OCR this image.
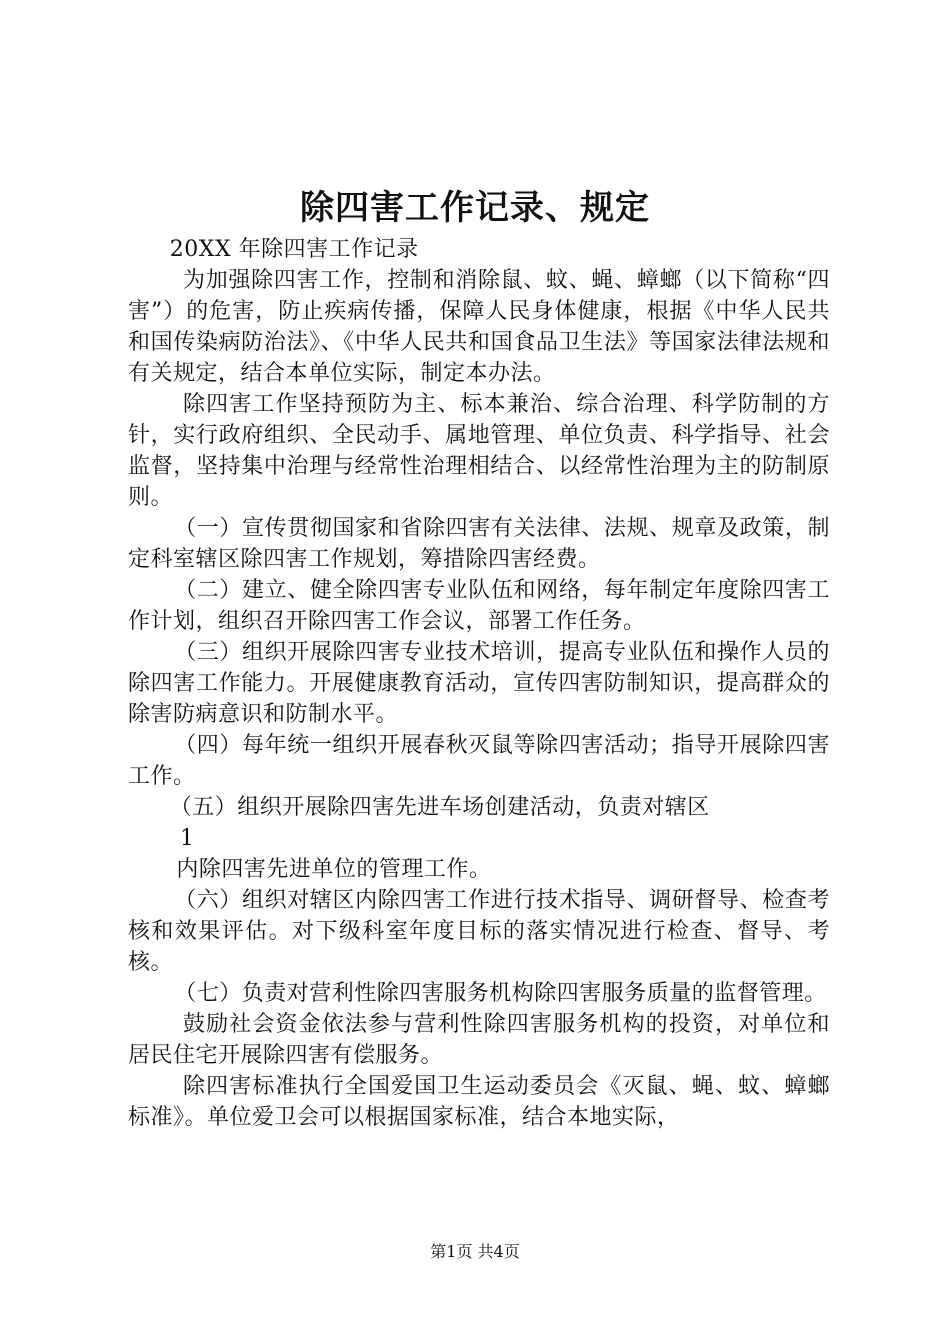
除四害工作记录、规定

20XX 年除四害工作记录

为加强除四害工作，控制和消除鼠、蚊、蝇、蟑螂（以下简称“四害”）的危害，防止疾病传播，保障人民身体健康，根据《中华人民共和国传染病防治法》、《中华人民共和国食品卫生法》等国家法律法规和有关规定，结合本单位实际，制定本办法。

除四害工作坚持预防为主、标本兼治、综合治理、科学防制的方针，实行政府组织、全民动手、属地管理、单位负责、科学指导、社会监督，坚持集中治理与经常性治理相结合、以经常性治理为主的防制原则。

（一）宣传贯彻国家和省除四害有关法律、法规、规章及政策，制定科室辖区除四害工作规划，筹措除四害经费。

（二）建立、健全除四害专业队伍和网络，每年制定年度除四害工作计划，组织召开除四害工作会议，部署工作任务。

（三）组织开展除四害专业技术培训，提高专业队伍和操作人员的除四害工作能力。开展健康教育活动，宣传四害防制知识，提高群众的除害防病意识和防制水平。

（四）每年统一组织开展春秋灭鼠等除四害活动；指导开展除四害工作。

（五）组织开展除四害先进车场创建活动，负责对辖区

1

内除四害先进单位的管理工作。

（六）组织对辖区内除四害工作进行技术指导、调研督导、检查考核和效果评估。对下级科室年度目标的落实情况进行检查、督导、考核。

（七）负责对营利性除四害服务机构除四害服务质量的监督管理。

鼓励社会资金依法参与营利性除四害服务机构的投资，对单位和居民住宅开展除四害有偿服务。

除四害标准执行全国爱国卫生运动委员会《灭鼠、蝇、蚊、蟑螂标准》。单位爱卫会可以根据国家标准，结合本地实际，

第1页 共4页
